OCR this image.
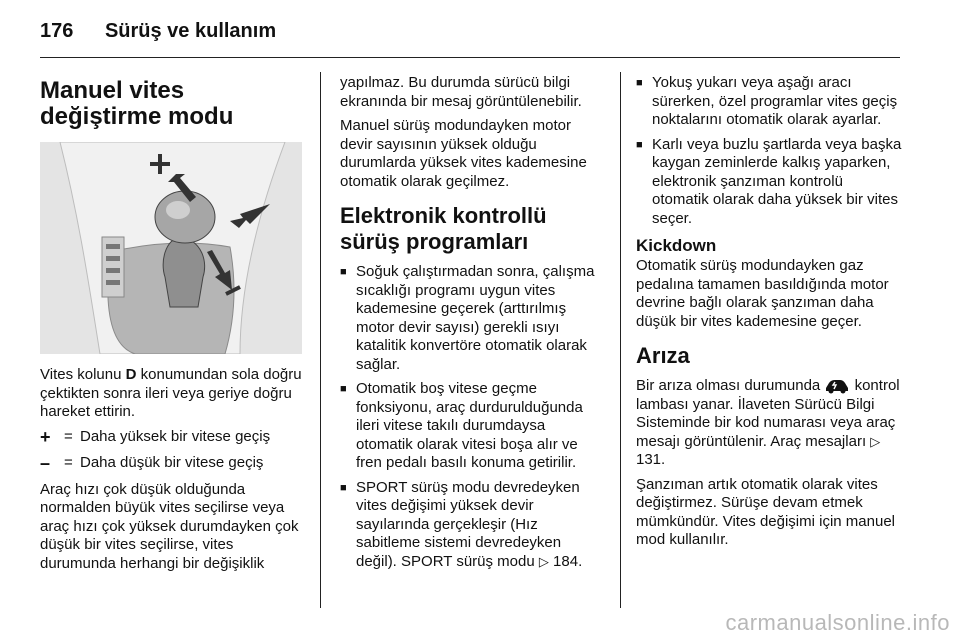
176 Sürüş ve kullanım
Manuel vites değiştirme modu

Vites kolunu D konumundan sola doğru çektikten sonra ileri veya geriye doğru hareket ettirin.

+ = Daha yüksek bir vitese geçiş
– = Daha düşük bir vitese geçiş

Araç hızı çok düşük olduğunda normalden büyük vites seçilirse veya araç hızı çok yüksek durumdayken çok düşük bir vites seçilirse, vites durumunda herhangi bir değişiklik

yapılmaz. Bu durumda sürücü bilgi ekranında bir mesaj görüntülenebilir.

Manuel sürüş modundayken motor devir sayısının yüksek olduğu durumlarda yüksek vites kademesine otomatik olarak geçilmez.

Elektronik kontrollü sürüş programları
■ Soğuk çalıştırmadan sonra, çalışma sıcaklığı programı uygun vites kademesine geçerek (arttırılmış motor devir sayısı) gerekli ısıyı katalitik konvertöre otomatik olarak sağlar.
■ Otomatik boş vitese geçme fonksiyonu, araç durdurulduğunda ileri vitese takılı durumdaysa otomatik olarak vitesi boşa alır ve fren pedalı basılı konuma getirilir.
■ SPORT sürüş modu devredeyken vites değişimi yüksek devir sayılarında gerçekleşir (Hız sabitleme sistemi devredeyken değil). SPORT sürüş modu ▷ 184.
■ Yokuş yukarı veya aşağı aracı sürerken, özel programlar vites geçiş noktalarını otomatik olarak ayarlar.
■ Karlı veya buzlu şartlarda veya başka kaygan zeminlerde kalkış yaparken, elektronik şanzıman kontrolü otomatik olarak daha yüksek bir vites seçer.
Kickdown

Otomatik sürüş modundayken gaz pedalına tamamen basıldığında motor devrine bağlı olarak şanzıman daha düşük bir vites kademesine geçer.

Arıza

Bir arıza olması durumunda kontrol lambası yanar. İlaveten Sürücü Bilgi Sisteminde bir kod numarası veya araç mesajı görüntülenir. Araç mesajları ▷ 131.

Şanzıman artık otomatik olarak vites değiştirmez. Sürüşe devam etmek mümkündür. Vites değişimi için manuel mod kullanılır.

carmanualsonline.info
